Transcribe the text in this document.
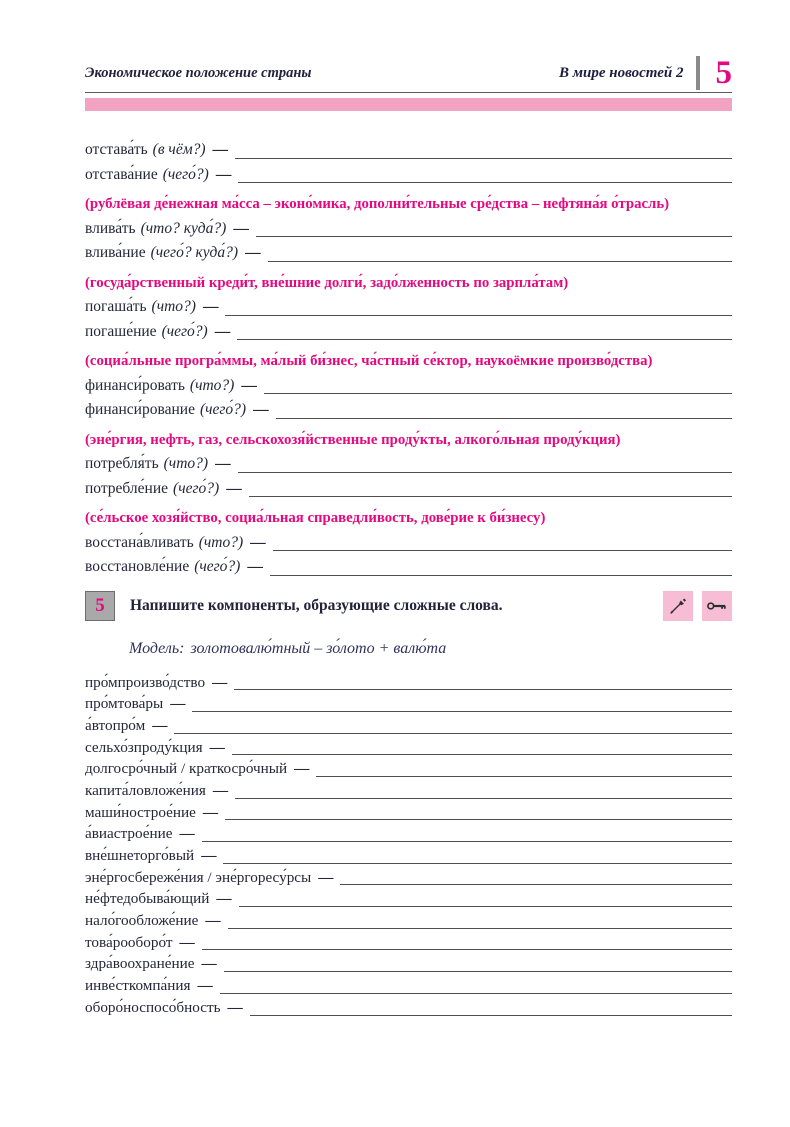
Экономическое положение страны	В мире новостей 2 5
отстава́ть (в чём?) —
отстава́ние (чего́?) —
(рублёвая де́нежная ма́сса – эконо́мика, дополни́тельные сре́дства – нефтяна́я о́трасль)
влива́ть (что? куда́?) —
влива́ние (чего́? куда́?) —
(госуда́рственный креди́т, вне́шние долги́, задо́лженность по зарпла́там)
погаша́ть (что?) —
погаше́ние (чего́?) —
(социа́льные програ́ммы, ма́лый би́знес, ча́стный се́ктор, наукоёмкие произво́дства)
финанси́ровать (что?) —
финанси́рование (чего́?) —
(эне́ргия, нефть, газ, сельскохозя́йственные проду́кты, алкого́льная проду́кция)
потребля́ть (что?) —
потребле́ние (чего́?) —
(се́льское хозя́йство, социа́льная справедли́вость, дове́рие к би́знесу)
восстана́вливать (что?) —
восстановле́ние (чего́?) —
5 Напишите компоненты, образующие сложные слова.
Модель: золотовалю́тный – зо́лото + валю́та
про́мпроизво́дство —
про́мтова́ры —
а́втопро́м —
сельхо́зпроду́кция —
долгосро́чный / краткосро́чный —
капита́ловложе́ния —
маши́нострое́ние —
а́виастрое́ние —
вне́шнеторго́вый —
эне́ргосбереже́ния / эне́ргоресу́рсы —
не́фтедобыва́ющий —
нало́гообложе́ние —
това́рооборо́т —
здра́воохране́ние —
инве́сткомпа́ния —
оборо́носпосо́бность —
